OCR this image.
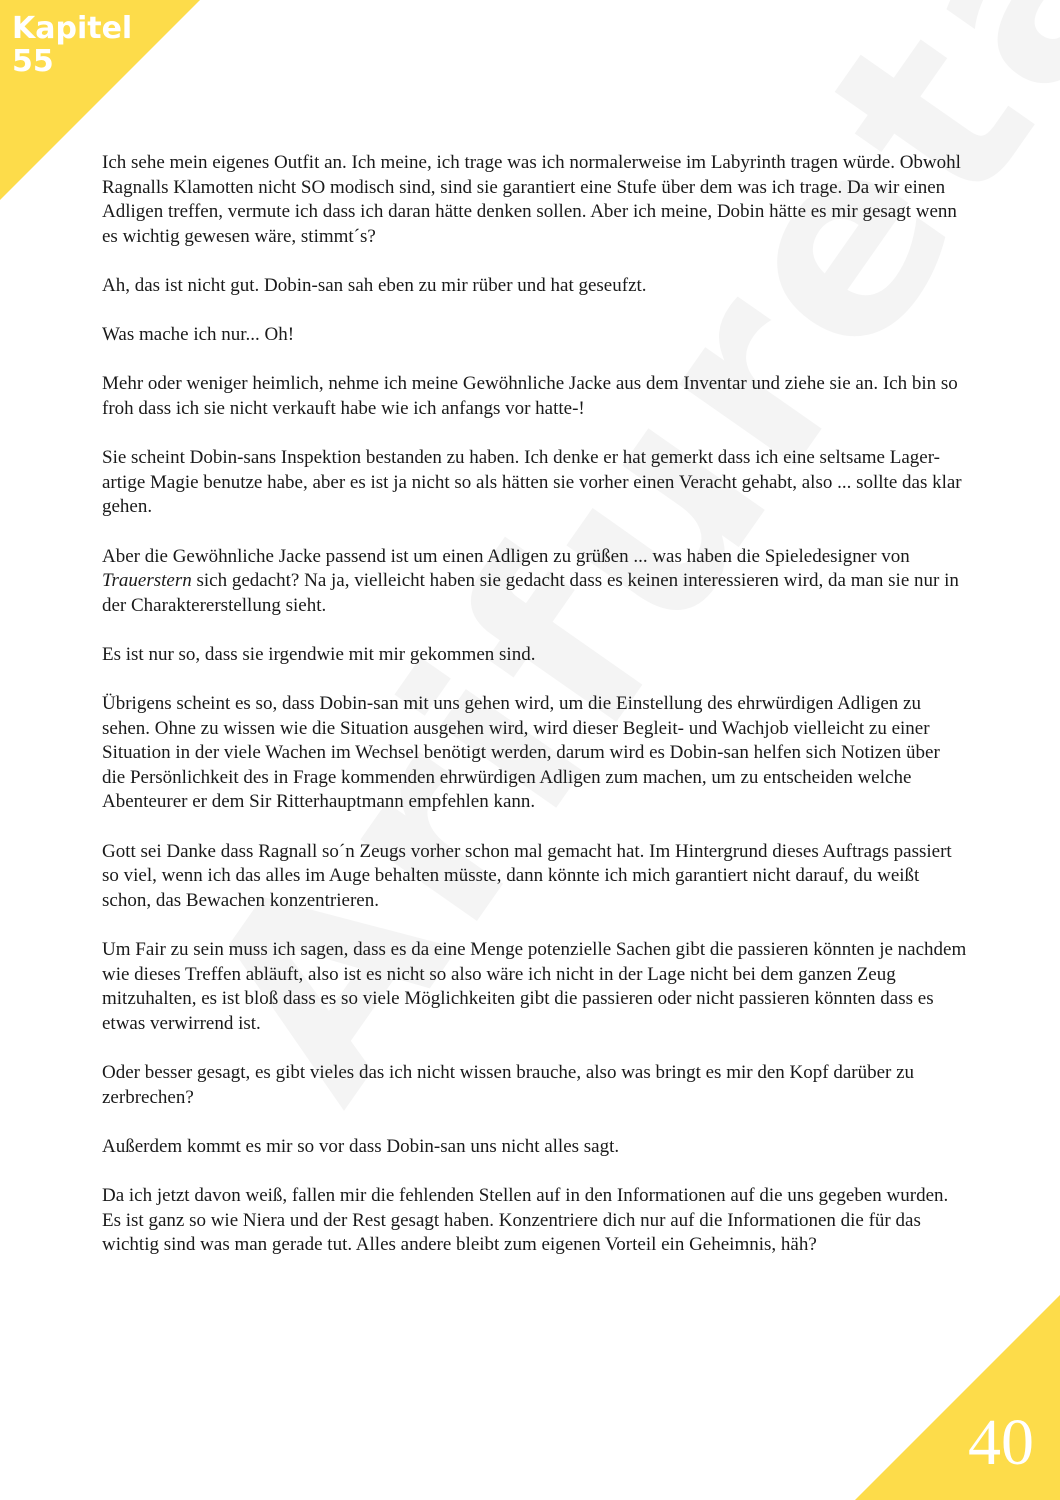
Kapitel
55

Ich sehe mein eigenes Outfit an. Ich meine, ich trage was ich normalerweise im Labyrinth tragen würde. Obwohl Ragnalls Klamotten nicht SO modisch sind, sind sie garantiert eine Stufe über dem was ich trage. Da wir einen Adligen treffen, vermute ich dass ich daran hätte denken sollen. Aber ich meine, Dobin hätte es mir gesagt wenn es wichtig gewesen wäre, stimmt´s?

Ah, das ist nicht gut. Dobin-san sah eben zu mir rüber und hat geseufzt.

Was mache ich nur... Oh!

Mehr oder weniger heimlich, nehme ich meine Gewöhnliche Jacke aus dem Inventar und ziehe sie an. Ich bin so froh dass ich sie nicht verkauft habe wie ich anfangs vor hatte-!

Sie scheint Dobin-sans Inspektion bestanden zu haben. Ich denke er hat gemerkt dass ich eine seltsame Lager-artige Magie benutze habe, aber es ist ja nicht so als hätten sie vorher einen Veracht gehabt, also ... sollte das klar gehen.

Aber die Gewöhnliche Jacke passend ist um einen Adligen zu grüßen ... was haben die Spieledesigner von Trauerstern sich gedacht? Na ja, vielleicht haben sie gedacht dass es keinen interessieren wird, da man sie nur in der Charaktererstellung sieht.

Es ist nur so, dass sie irgendwie mit mir gekommen sind.

Übrigens scheint es so, dass Dobin-san mit uns gehen wird, um die Einstellung des ehrwürdigen Adligen zu sehen. Ohne zu wissen wie die Situation ausgehen wird, wird dieser Begleit- und Wachjob vielleicht zu einer Situation in der viele Wachen im Wechsel benötigt werden, darum wird es Dobin-san helfen sich Notizen über die Persönlichkeit des in Frage kommenden ehrwürdigen Adligen zum machen, um zu entscheiden welche Abenteurer er dem Sir Ritterhauptmann empfehlen kann.

Gott sei Danke dass Ragnall so´n Zeugs vorher schon mal gemacht hat. Im Hintergrund dieses Auftrags passiert so viel, wenn ich das alles im Auge behalten müsste, dann könnte ich mich garantiert nicht darauf, du weißt schon, das Bewachen konzentrieren.

Um Fair zu sein muss ich sagen, dass es da eine Menge potenzielle Sachen gibt die passieren könnten je nachdem wie dieses Treffen abläuft, also ist es nicht so also wäre ich nicht in der Lage nicht bei dem ganzen Zeug mitzuhalten, es ist bloß dass es so viele Möglichkeiten gibt die passieren oder nicht passieren könnten dass es etwas verwirrend ist.

Oder besser gesagt, es gibt vieles das ich nicht wissen brauche, also was bringt es mir den Kopf darüber zu zerbrechen?

Außerdem kommt es mir so vor dass Dobin-san uns nicht alles sagt.

Da ich jetzt davon weiß, fallen mir die fehlenden Stellen auf in den Informationen auf die uns gegeben wurden. Es ist ganz so wie Niera und der Rest gesagt haben. Konzentriere dich nur auf die Informationen die für das wichtig sind was man gerade tut. Alles andere bleibt zum eigenen Vorteil ein Geheimnis, häh?

40
